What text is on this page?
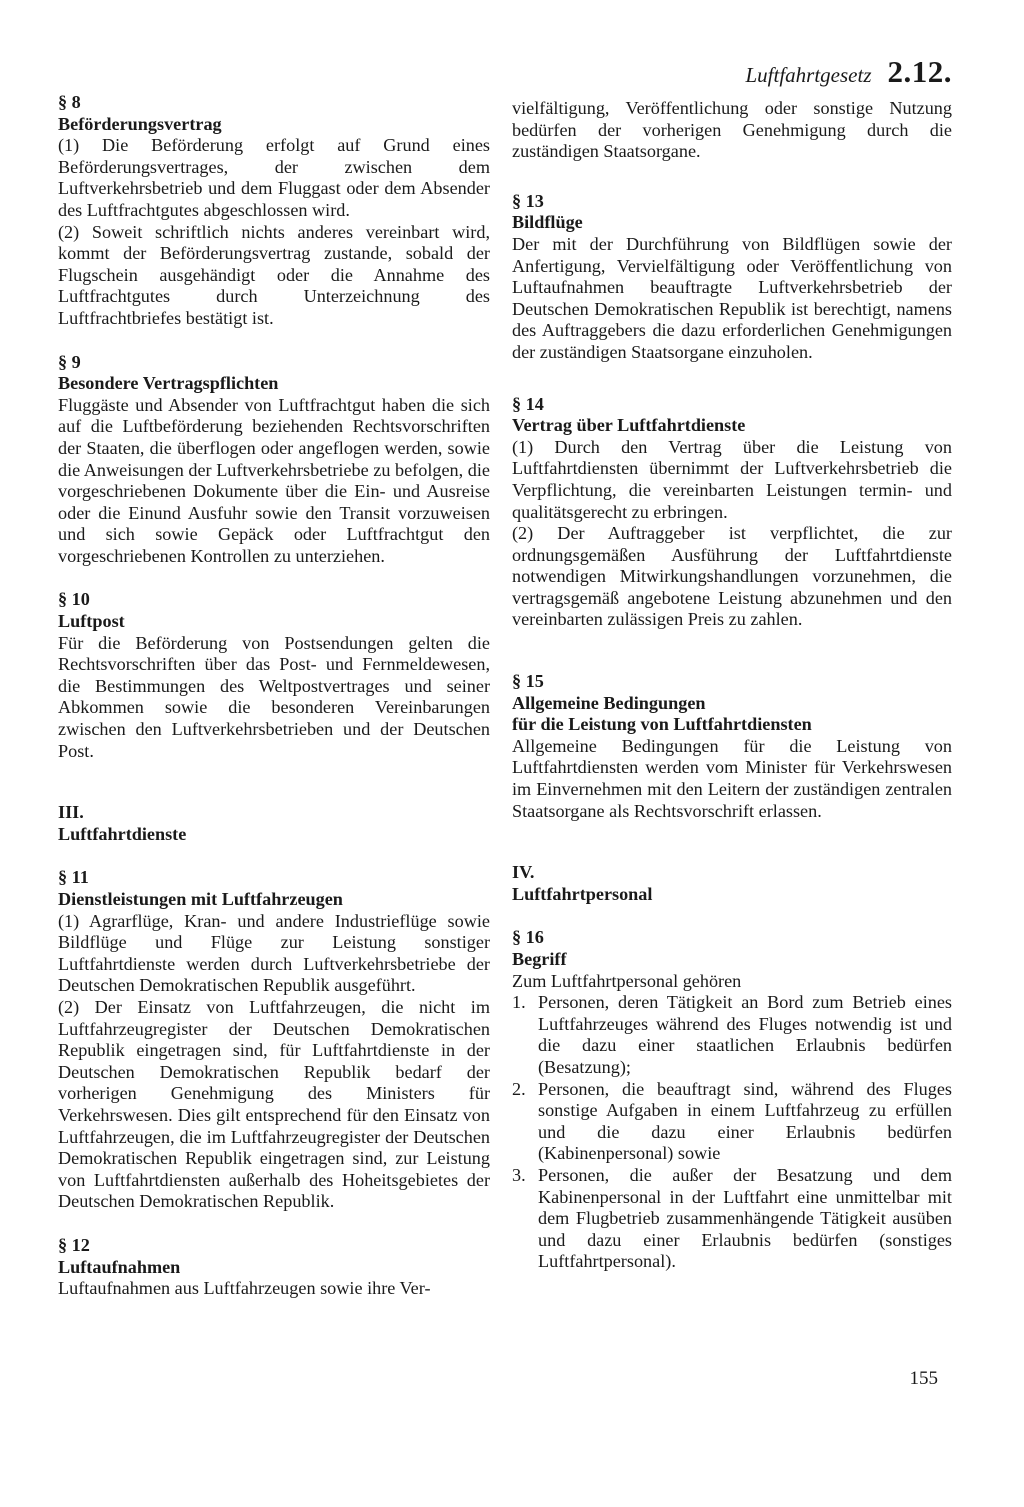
Luftfahrtgesetz 2.12.

§ 8

Beförderungsvertrag

(1) Die Beförderung erfolgt auf Grund eines Beförderungsvertrages, der zwischen dem Luftverkehrsbetrieb und dem Fluggast oder dem Absender des Luftfrachtgutes abgeschlossen wird.

(2) Soweit schriftlich nichts anderes vereinbart wird, kommt der Beförderungsvertrag zustande, sobald der Flugschein ausgehändigt oder die Annahme des Luftfrachtgutes durch Unterzeichnung des Luftfrachtbriefes bestätigt ist.

§ 9

Besondere Vertragspflichten

Fluggäste und Absender von Luftfrachtgut haben die sich auf die Luftbeförderung beziehenden Rechtsvorschriften der Staaten, die überflogen oder angeflogen werden, sowie die Anweisungen der Luftverkehrsbetriebe zu befolgen, die vorgeschriebenen Dokumente über die Ein- und Ausreise oder die Einund Ausfuhr sowie den Transit vorzuweisen und sich sowie Gepäck oder Luftfrachtgut den vorgeschriebenen Kontrollen zu unterziehen.

§ 10

Luftpost

Für die Beförderung von Postsendungen gelten die Rechtsvorschriften über das Post- und Fernmeldewesen, die Bestimmungen des Weltpostvertrages und seiner Abkommen sowie die besonderen Vereinbarungen zwischen den Luftverkehrsbetrieben und der Deutschen Post.

III.

Luftfahrtdienste

§ 11

Dienstleistungen mit Luftfahrzeugen

(1) Agrarflüge, Kran- und andere Industrieflüge sowie Bildflüge und Flüge zur Leistung sonstiger Luftfahrtdienste werden durch Luftverkehrsbetriebe der Deutschen Demokratischen Republik ausgeführt.

(2) Der Einsatz von Luftfahrzeugen, die nicht im Luftfahrzeugregister der Deutschen Demokratischen Republik eingetragen sind, für Luftfahrtdienste in der Deutschen Demokratischen Republik bedarf der vorherigen Genehmigung des Ministers für Verkehrswesen. Dies gilt entsprechend für den Einsatz von Luftfahrzeugen, die im Luftfahrzeugregister der Deutschen Demokratischen Republik eingetragen sind, zur Leistung von Luftfahrtdiensten außerhalb des Hoheitsgebietes der Deutschen Demokratischen Republik.

§ 12

Luftaufnahmen

Luftaufnahmen aus Luftfahrzeugen sowie ihre Ver-

vielfältigung, Veröffentlichung oder sonstige Nutzung bedürfen der vorherigen Genehmigung durch die zuständigen Staatsorgane.

§ 13

Bildflüge

Der mit der Durchführung von Bildflügen sowie der Anfertigung, Vervielfältigung oder Veröffentlichung von Luftaufnahmen beauftragte Luftverkehrsbetrieb der Deutschen Demokratischen Republik ist berechtigt, namens des Auftraggebers die dazu erforderlichen Genehmigungen der zuständigen Staatsorgane einzuholen.

§ 14

Vertrag über Luftfahrtdienste

(1) Durch den Vertrag über die Leistung von Luftfahrtdiensten übernimmt der Luftverkehrsbetrieb die Verpflichtung, die vereinbarten Leistungen termin- und qualitätsgerecht zu erbringen.

(2) Der Auftraggeber ist verpflichtet, die zur ordnungsgemäßen Ausführung der Luftfahrtdienste notwendigen Mitwirkungshandlungen vorzunehmen, die vertragsgemäß angebotene Leistung abzunehmen und den vereinbarten zulässigen Preis zu zahlen.

§ 15

Allgemeine Bedingungen

für die Leistung von Luftfahrtdiensten

Allgemeine Bedingungen für die Leistung von Luftfahrtdiensten werden vom Minister für Verkehrswesen im Einvernehmen mit den Leitern der zuständigen zentralen Staatsorgane als Rechtsvorschrift erlassen.

IV.

Luftfahrtpersonal

§ 16

Begriff

Zum Luftfahrtpersonal gehören

1. Personen, deren Tätigkeit an Bord zum Betrieb eines Luftfahrzeuges während des Fluges notwendig ist und die dazu einer staatlichen Erlaubnis bedürfen (Besatzung);
2. Personen, die beauftragt sind, während des Fluges sonstige Aufgaben in einem Luftfahrzeug zu erfüllen und die dazu einer Erlaubnis bedürfen (Kabinenpersonal) sowie
3. Personen, die außer der Besatzung und dem Kabinenpersonal in der Luftfahrt eine unmittelbar mit dem Flugbetrieb zusammenhängende Tätigkeit ausüben und dazu einer Erlaubnis bedürfen (sonstiges Luftfahrtpersonal).
155
